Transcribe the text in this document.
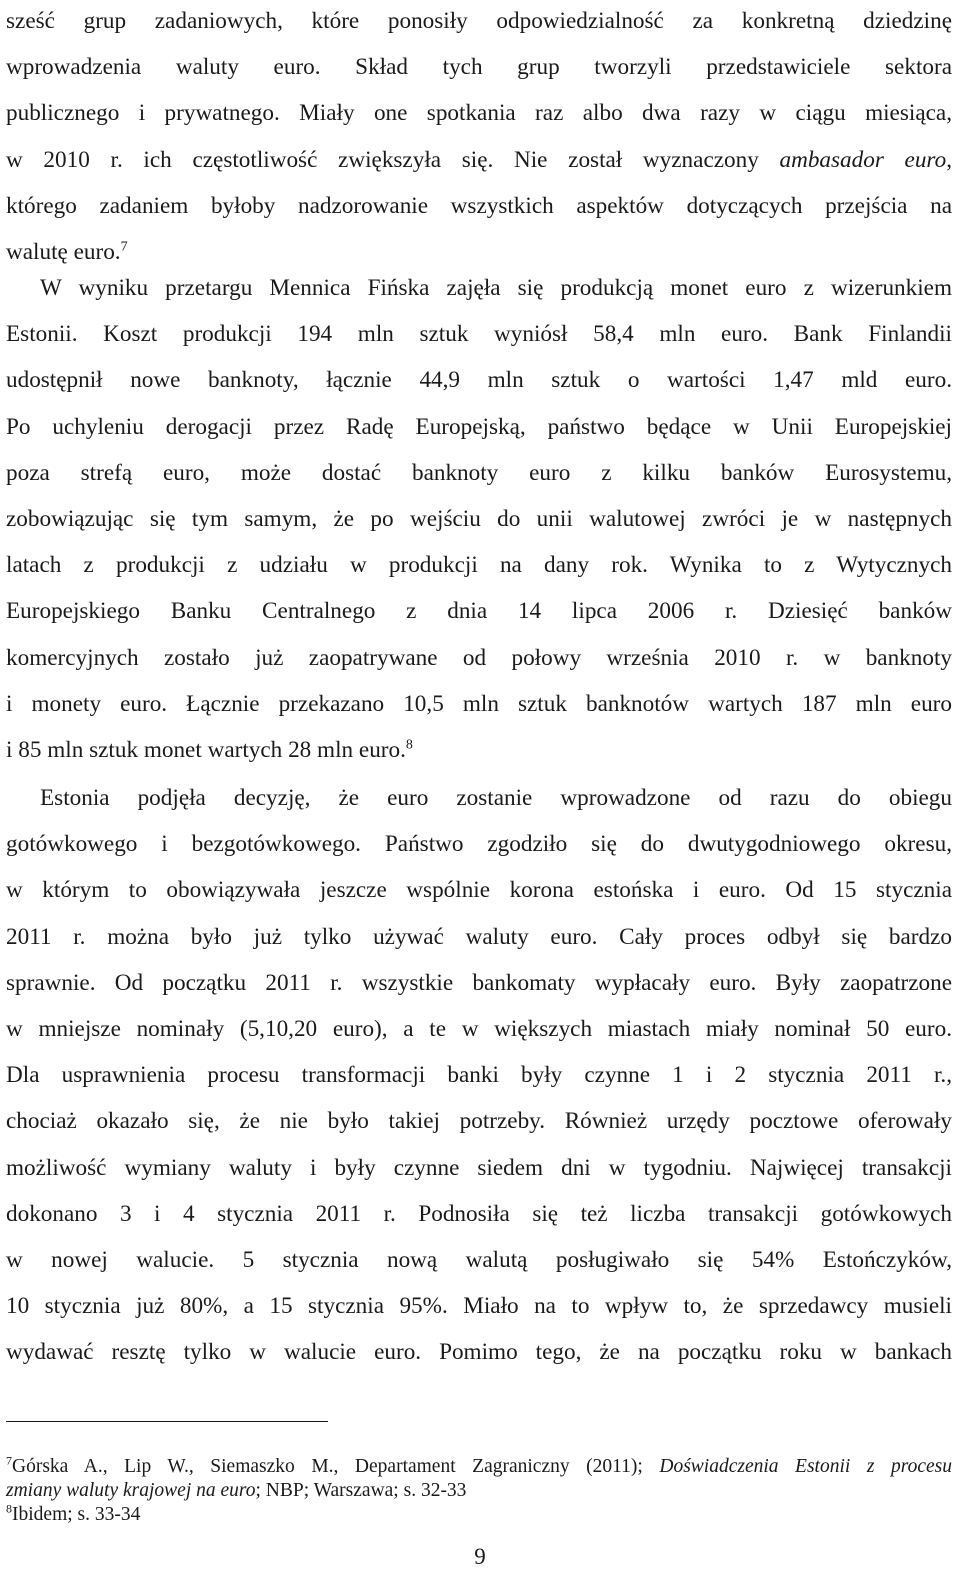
sześć grup zadaniowych, które ponosiły odpowiedzialność za konkretną dziedzinę
wprowadzenia waluty euro. Skład tych grup tworzyli przedstawiciele sektora
publicznego i prywatnego. Miały one spotkania raz albo dwa razy w ciągu miesiąca,
w 2010 r. ich częstotliwość zwiększyła się. Nie został wyznaczony ambasador euro,
którego zadaniem byłoby nadzorowanie wszystkich aspektów dotyczących przejścia na
walutę euro.$^7$
W wyniku przetargu Mennica Fińska zajęła się produkcją monet euro z wizerunkiem
Estonii. Koszt produkcji 194 mln sztuk wyniósł 58,4 mln euro. Bank Finlandii
udostępnił nowe banknoty, łącznie 44,9 mln sztuk o wartości 1,47 mld euro.
Po uchyleniu derogacji przez Radę Europejską, państwo będące w Unii Europejskiej
poza strefą euro, może dostać banknoty euro z kilku banków Eurosystemu,
zobowiązując się tym samym, że po wejściu do unii walutowej zwróci je w następnych
latach z produkcji z udziału w produkcji na dany rok. Wynika to z Wytycznych
Europejskiego Banku Centralnego z dnia 14 lipca 2006 r. Dziesięć banków
komercyjnych zostało już zaopatrywane od połowy września 2010 r. w banknoty
i monety euro. Łącznie przekazano 10,5 mln sztuk banknotów wartych 187 mln euro
i 85 mln sztuk monet wartych 28 mln euro.$^8$
Estonia podjęła decyzję, że euro zostanie wprowadzone od razu do obiegu
gotówkowego i bezgotówkowego. Państwo zgodziło się do dwutygodniowego okresu,
w którym to obowiązywała jeszcze wspólnie korona estońska i euro. Od 15 stycznia
2011 r. można było już tylko używać waluty euro. Cały proces odbył się bardzo
sprawnie. Od początku 2011 r. wszystkie bankomaty wypłacały euro. Były zaopatrzone
w mniejsze nominały (5,10,20 euro), a te w większych miastach miały nominał 50 euro.
Dla usprawnienia procesu transformacji banki były czynne 1 i 2 stycznia 2011 r.,
chociaż okazało się, że nie było takiej potrzeby. Również urzędy pocztowe oferowały
możliwość wymiany waluty i były czynne siedem dni w tygodniu. Najwięcej transakcji
dokonano 3 i 4 stycznia 2011 r. Podnosiła się też liczba transakcji gotówkowych
w nowej walucie. 5 stycznia nową walutą posługiwało się 54% Estończyków,
10 stycznia już 80%, a 15 stycznia 95%. Miało na to wpływ to, że sprzedawcy musieli
wydawać resztę tylko w walucie euro. Pomimo tego, że na początku roku w bankach
$^7$Górska A., Lip W., Siemaszko M., Departament Zagraniczny (2011); Doświadczenia Estonii z procesu
zmiany waluty krajowej na euro; NBP; Warszawa; s. 32-33
$^8$Ibidem; s. 33-34
9
